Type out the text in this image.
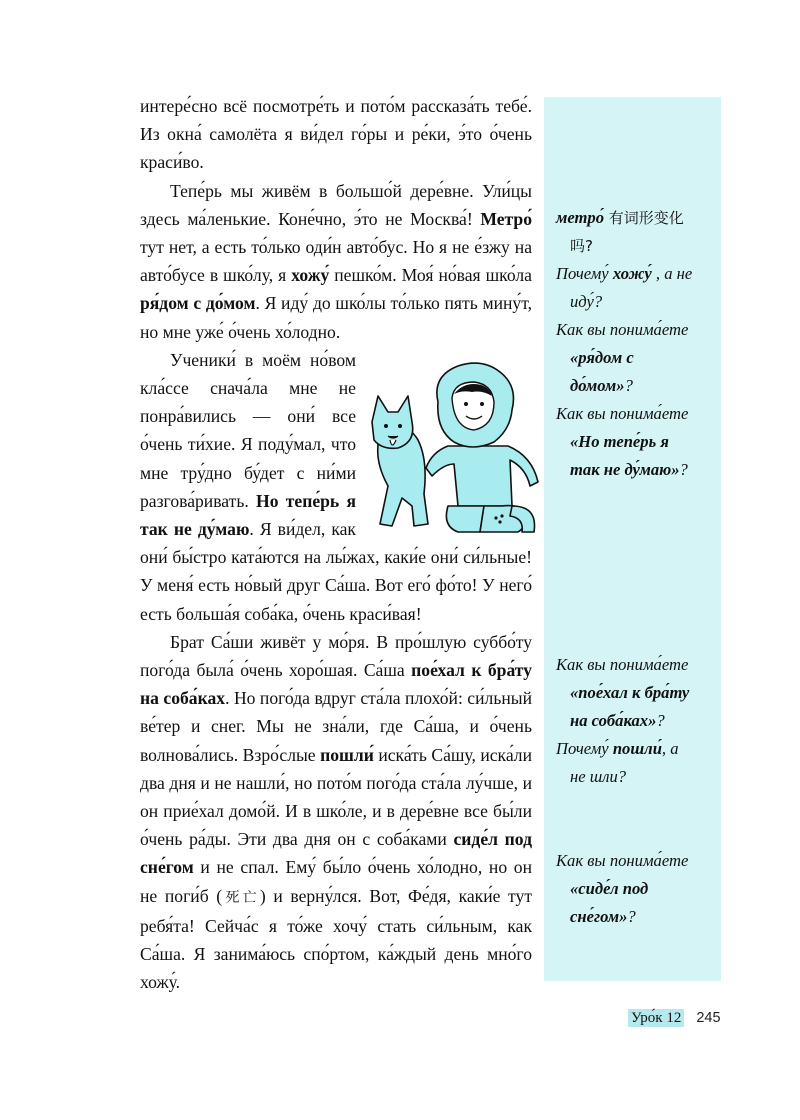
интере́сно всё посмотре́ть и пото́м рассказа́ть тебе́. Из окна́ самолёта я ви́дел го́ры и ре́ки, э́то о́чень краси́во.

Тепе́рь мы живём в большо́й дере́вне. Ули́цы здесь ма́ленькие. Коне́чно, э́то не Москва́! Метро́ тут нет, а есть то́лько оди́н авто́бус. Но я не е́зжу на авто́бусе в шко́лу, я хожу́ пешко́м. Моя́ но́вая шко́ла ря́дом с до́мом. Я иду́ до шко́лы то́лько пять мину́т, но мне уже́ о́чень хо́лодно.

Ученики́ в моём но́вом кла́ссе снача́ла мне не понра́вились — они́ все о́чень ти́хие. Я поду́мал, что мне тру́дно бу́дет с ни́ми разгова́ривать. Но тепе́рь я так не ду́маю. Я ви́дел, как они́ бы́стро ката́ются на лы́жах, каки́е они́ си́льные! У меня́ есть но́вый друг Са́ша. Вот его́ фо́то! У него́ есть больша́я соба́ка, о́чень краси́вая!

Брат Са́ши живёт у мо́ря. В про́шлую суббо́ту пого́да была́ о́чень хоро́шая. Са́ша пое́хал к бра́ту на соба́ках. Но пого́да вдруг ста́ла плохо́й: си́льный ве́тер и снег. Мы не зна́ли, где Са́ша, и о́чень волнова́лись. Взро́слые пошли́ иска́ть Са́шу, иска́ли два дня и не нашли́, но пото́м пого́да ста́ла лу́чше, и он прие́хал домо́й. И в шко́ле, и в дере́вне все бы́ли о́чень ра́ды. Эти два дня он с соба́ками сиде́л под сне́гом и не спал. Ему́ бы́ло о́чень хо́лодно, но он не поги́б (死亡) и верну́лся. Вот, Фе́дя, каки́е тут ребя́та! Сейча́с я то́же хочу́ стать си́льным, как Са́ша. Я занима́юсь спо́ртом, ка́ждый день мно́го хожу́.

метро́ 有词形变化
吗?
Почему́ хожу́ , а не
иду́?
Как вы понима́ете
«ря́дом с
до́мом»?
Как вы понима́ете
«Но тепе́рь я
так не ду́маю»?
Как вы понима́ете
«пое́хал к бра́ту
на соба́ках»?
Почему́ пошли́, а
не шли?
Как вы понима́ете
«сиде́л под
сне́гом»?
Уро́к 12 245
